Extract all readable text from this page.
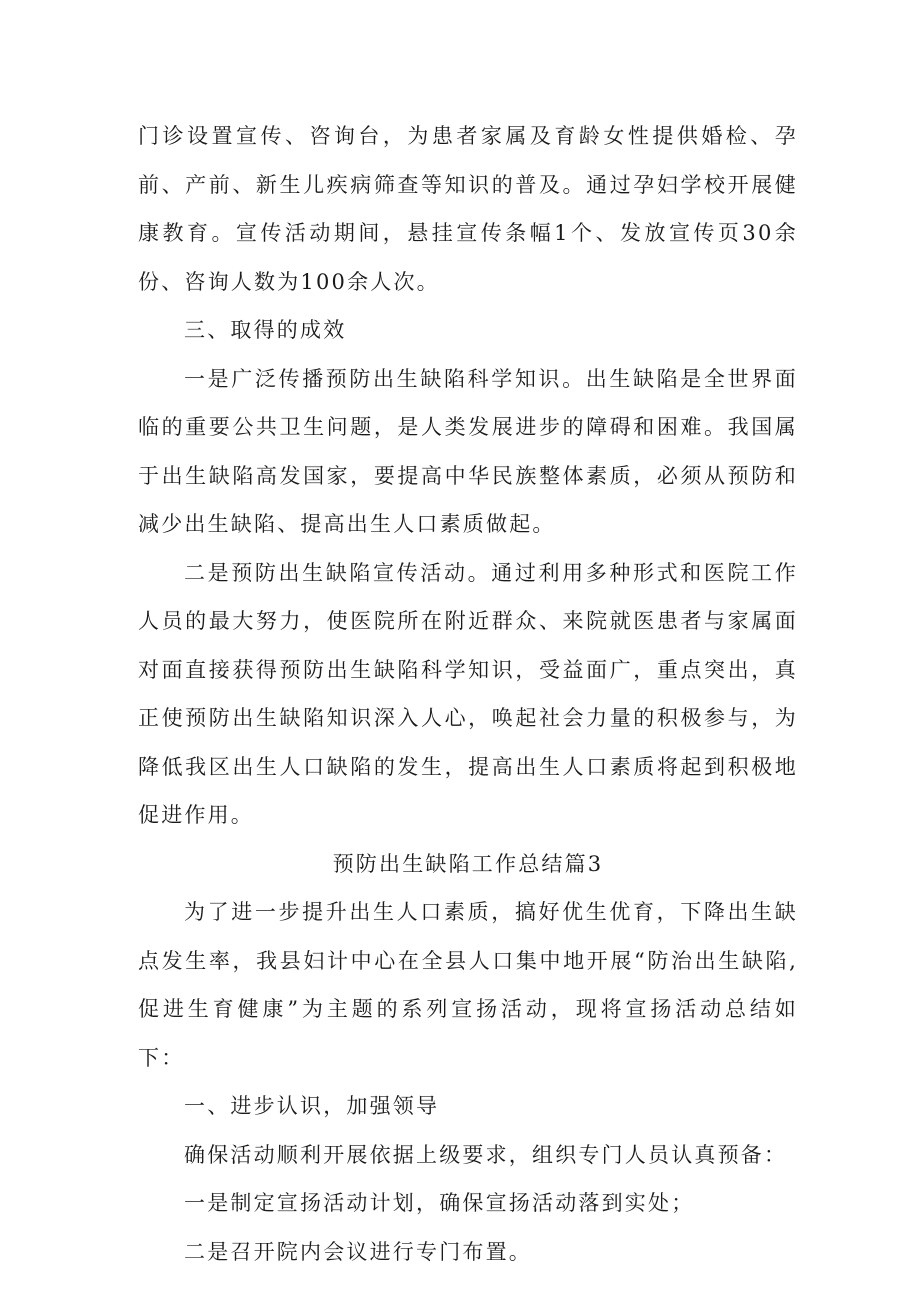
门诊设置宣传、咨询台，为患者家属及育龄女性提供婚检、孕前、产前、新生儿疾病筛查等知识的普及。通过孕妇学校开展健康教育。宣传活动期间，悬挂宣传条幅1个、发放宣传页30余份、咨询人数为100余人次。

三、取得的成效

一是广泛传播预防出生缺陷科学知识。出生缺陷是全世界面临的重要公共卫生问题，是人类发展进步的障碍和困难。我国属于出生缺陷高发国家，要提高中华民族整体素质，必须从预防和减少出生缺陷、提高出生人口素质做起。

二是预防出生缺陷宣传活动。通过利用多种形式和医院工作人员的最大努力，使医院所在附近群众、来院就医患者与家属面对面直接获得预防出生缺陷科学知识，受益面广，重点突出，真正使预防出生缺陷知识深入人心，唤起社会力量的积极参与，为降低我区出生人口缺陷的发生，提高出生人口素质将起到积极地促进作用。

预防出生缺陷工作总结篇3

为了进一步提升出生人口素质，搞好优生优育，下降出生缺点发生率，我县妇计中心在全县人口集中地开展“防治出生缺陷,促进生育健康”为主题的系列宣扬活动，现将宣扬活动总结如下：

一、进步认识，加强领导

确保活动顺利开展依据上级要求，组织专门人员认真预备：

一是制定宣扬活动计划，确保宣扬活动落到实处；

二是召开院内会议进行专门布置。
